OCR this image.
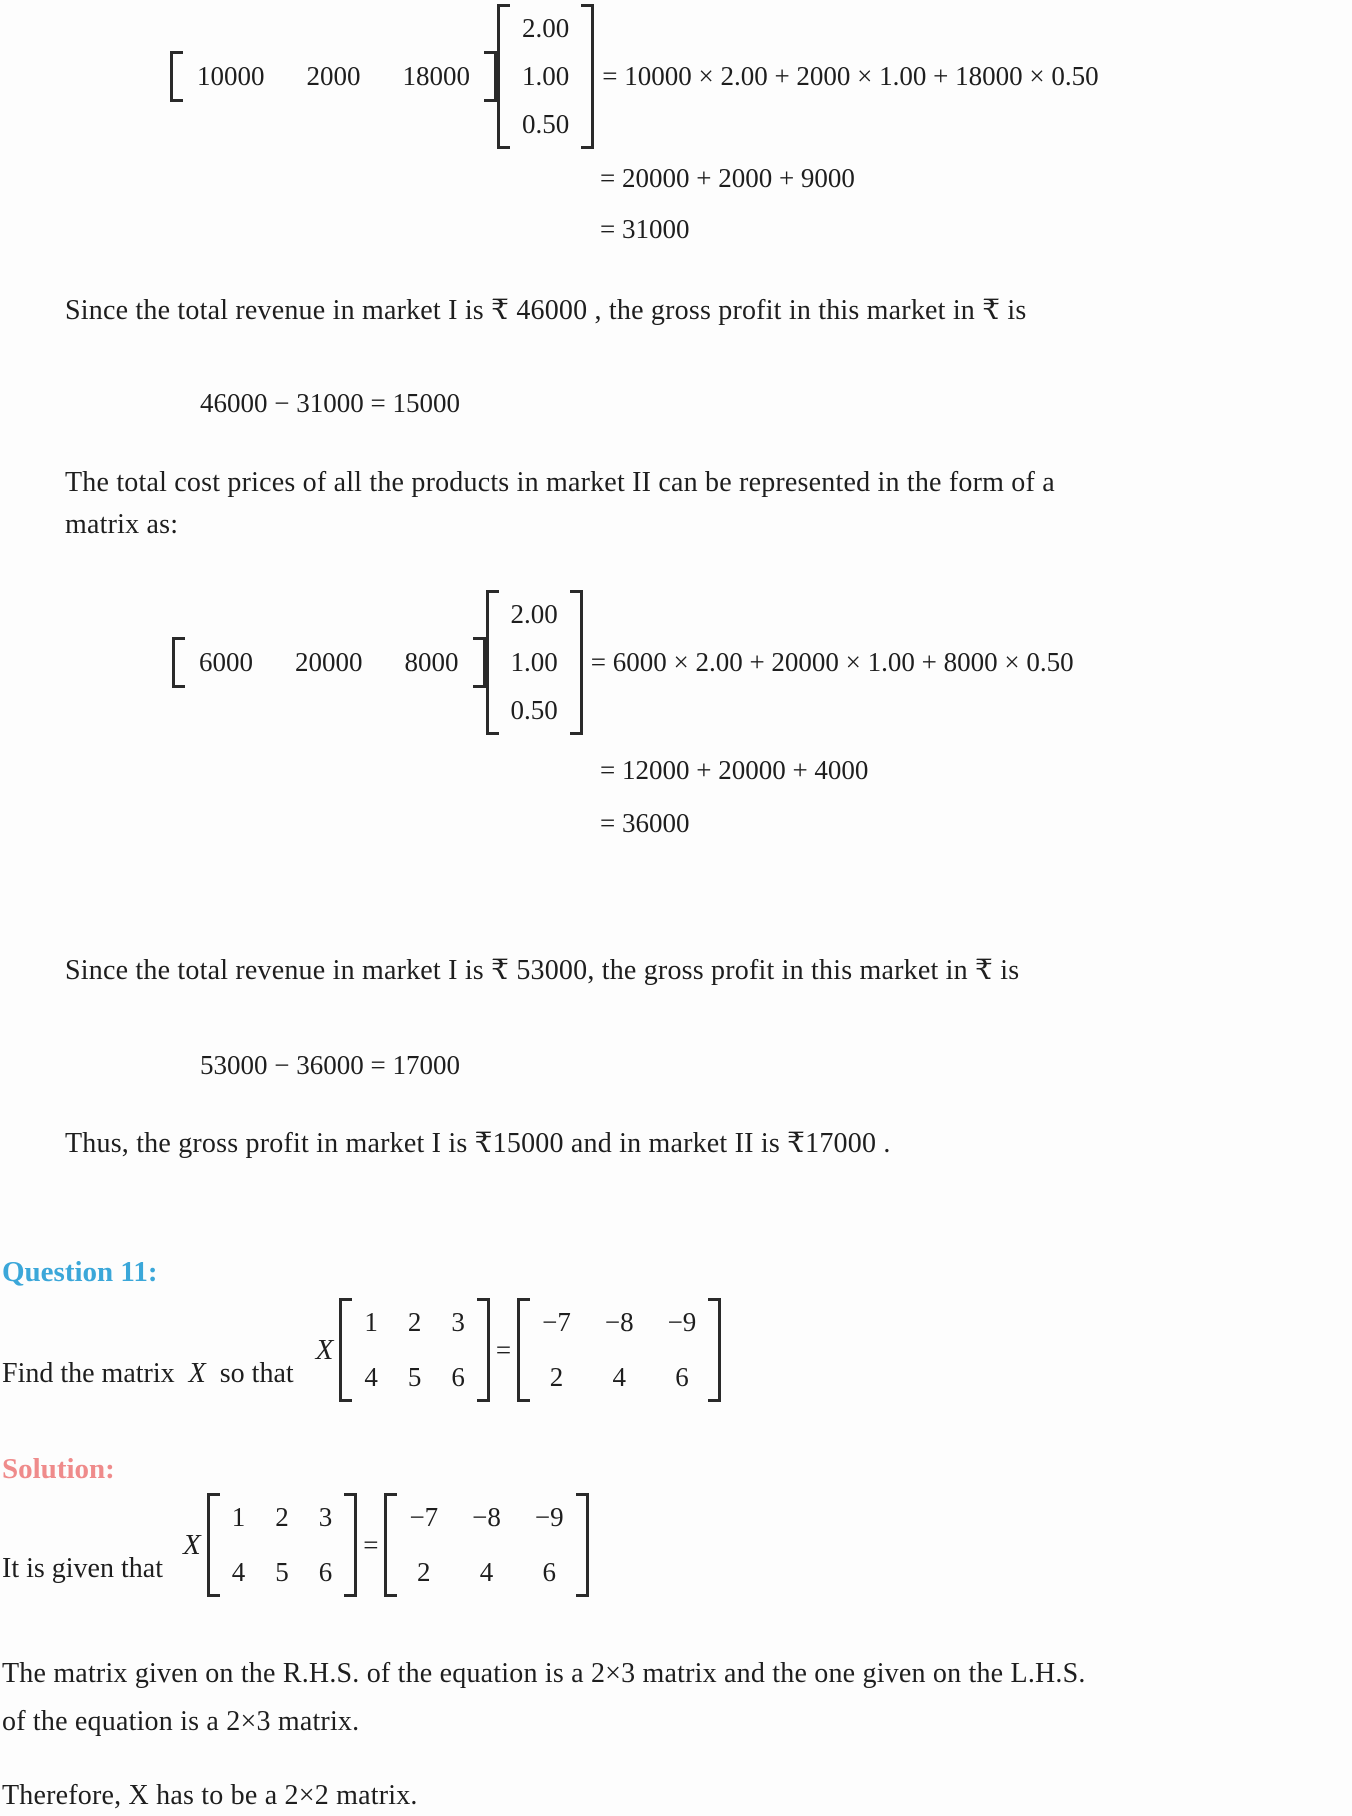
10000 2000 18000
2.00
1.00
0.50
= 10000 × 2.00 + 2000 × 1.00 + 18000 × 0.50
= 20000 + 2000 + 9000
= 31000
Since the total revenue in market I is ₹ 46000 , the gross profit in this market in ₹ is
46000 − 31000 = 15000
The total cost prices of all the products in market II can be represented in the form of a
matrix as:
6000 20000 8000
2.00
1.00
0.50
= 6000 × 2.00 + 20000 × 1.00 + 8000 × 0.50
= 12000 + 20000 + 4000
= 36000
Since the total revenue in market I is ₹ 53000, the gross profit in this market in ₹ is
53000 − 36000 = 17000
Thus, the gross profit in market I is ₹15000 and in market II is ₹17000 .
Question 11:
Find the matrix X so that
X
1 2 3
4 5 6
=
−7 −8 −9
2 4 6
Solution:
It is given that
X
1 2 3
4 5 6
=
−7 −8 −9
2 4 6
The matrix given on the R.H.S. of the equation is a 2×3 matrix and the one given on the L.H.S.
of the equation is a 2×3 matrix.
Therefore, X has to be a 2×2 matrix.
